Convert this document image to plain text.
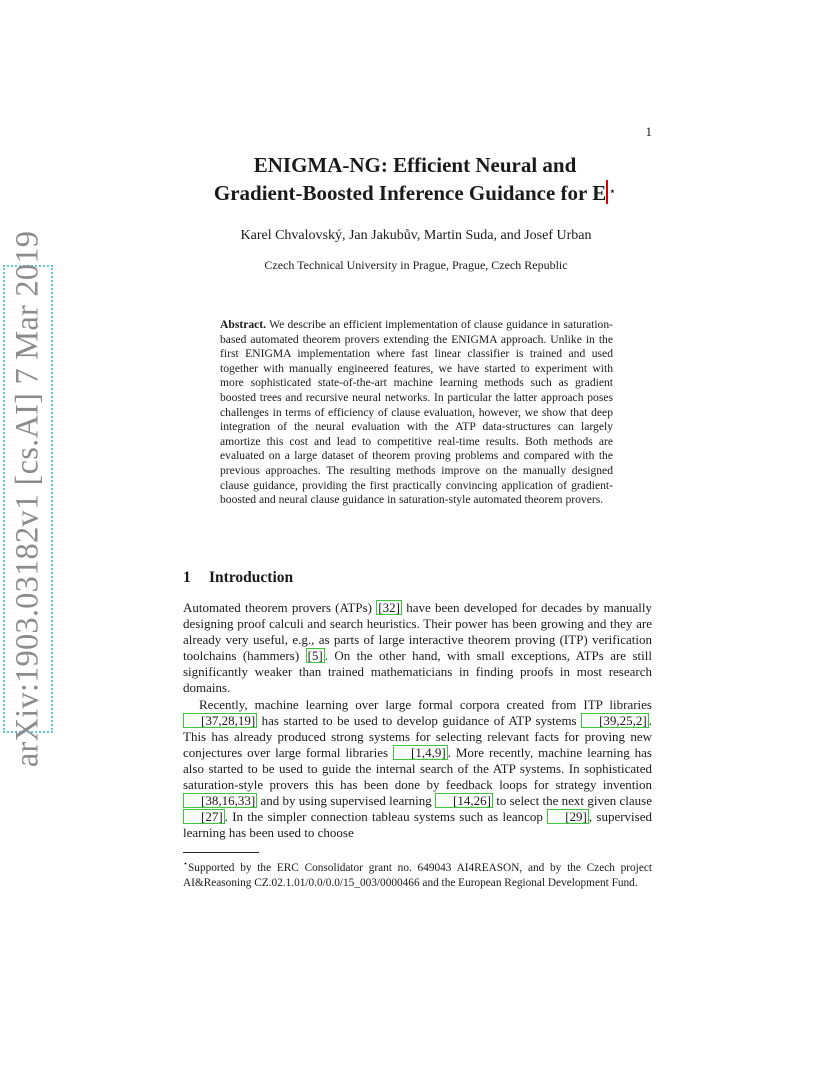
1
arXiv:1903.03182v1 [cs.AI] 7 Mar 2019
ENIGMA-NG: Efficient Neural and
Gradient-Boosted Inference Guidance for E ⋆
Karel Chvalovský, Jan Jakubův, Martin Suda, and Josef Urban
Czech Technical University in Prague, Prague, Czech Republic

Abstract. We describe an efficient implementation of clause guidance in saturation-based automated theorem provers extending the ENIGMA approach. Unlike in the first ENIGMA implementation where fast linear classifier is trained and used together with manually engineered features, we have started to experiment with more sophisticated state-of-the-art machine learning methods such as gradient boosted trees and recursive neural networks. In particular the latter approach poses challenges in terms of efficiency of clause evaluation, however, we show that deep integration of the neural evaluation with the ATP data-structures can largely amortize this cost and lead to competitive real-time results. Both methods are evaluated on a large dataset of theorem proving problems and compared with the previous approaches. The resulting methods improve on the manually designed clause guidance, providing the first practically convincing application of gradient-boosted and neural clause guidance in saturation-style automated theorem provers.

1 Introduction

Automated theorem provers (ATPs) [32] have been developed for decades by manually designing proof calculi and search heuristics. Their power has been growing and they are already very useful, e.g., as parts of large interactive theorem proving (ITP) verification toolchains (hammers) [5] . On the other hand, with small exceptions, ATPs are still significantly weaker than trained mathematicians in finding proofs in most research domains.

Recently, machine learning over large formal corpora created from ITP libraries [37,28,19] has started to be used to develop guidance of ATP systems [39,25,2] . This has already produced strong systems for selecting relevant facts for proving new conjectures over large formal libraries [1,4,9] . More recently, machine learning has also started to be used to guide the internal search of the ATP systems. In sophisticated saturation-style provers this has been done by feedback loops for strategy invention [38,16,33] and by using supervised learning [14,26] to select the next given clause [27] . In the simpler connection tableau systems such as leancop [29] , supervised learning has been used to choose

⋆Supported by the ERC Consolidator grant no. 649043 AI4REASON, and by the Czech project AI&Reasoning CZ.02.1.01/0.0/0.0/15_003/0000466 and the European Regional Development Fund.
